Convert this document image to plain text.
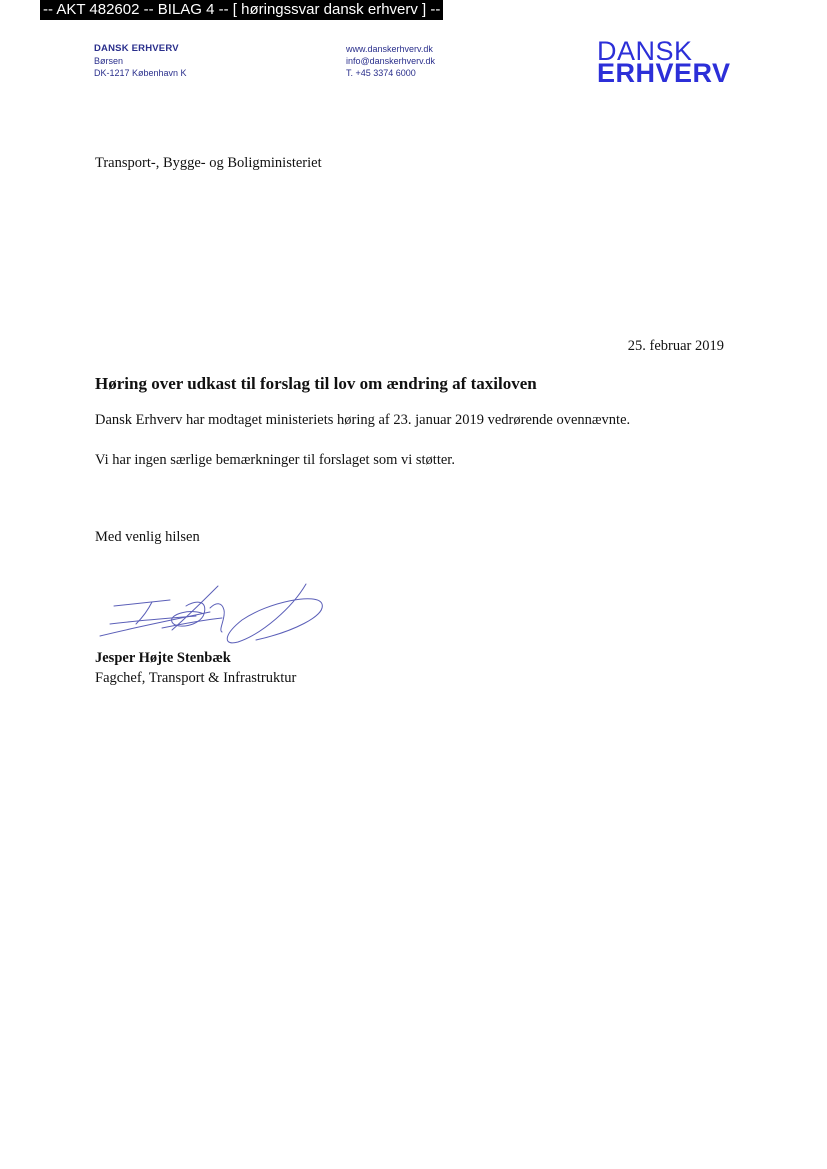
-- AKT 482602 -- BILAG 4 -- [ høringssvar dansk erhverv ] --
DANSK ERHVERV
Børsen
DK-1217 København K
www.danskerhverv.dk
info@danskerhverv.dk
T. +45 3374 6000
DANSK
ERHVERV
Transport-, Bygge- og Boligministeriet
25. februar 2019
Høring over udkast til forslag til lov om ændring af taxiloven
Dansk Erhverv har modtaget ministeriets høring af 23. januar 2019 vedrørende ovennævnte.
Vi har ingen særlige bemærkninger til forslaget som vi støtter.
Med venlig hilsen
Jesper Højte Stenbæk
Fagchef, Transport & Infrastruktur
